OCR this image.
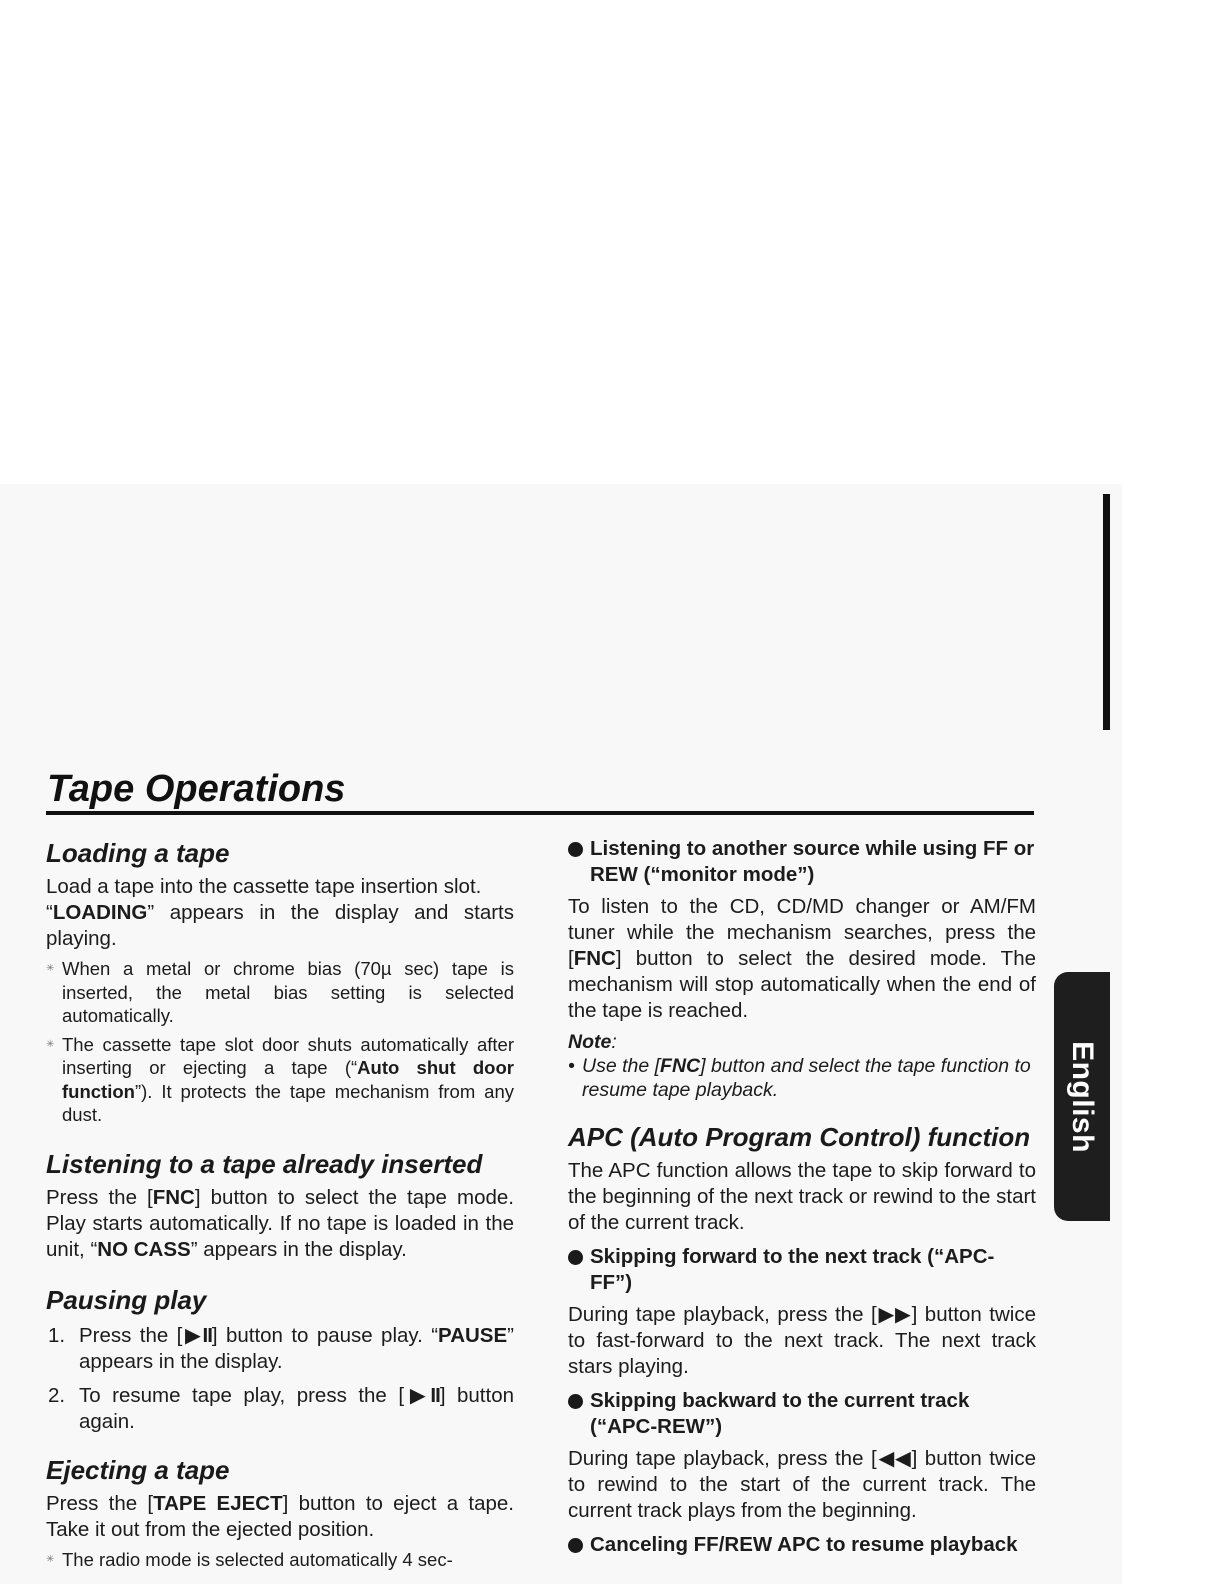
English
Tape Operations
Loading a tape

Load a tape into the cassette tape insertion slot.
“LOADING” appears in the display and starts playing.

✳ When a metal or chrome bias (70µ sec) tape is inserted, the metal bias setting is selected automatically.
✳ The cassette tape slot door shuts automatically after inserting or ejecting a tape (“Auto shut door function”). It protects the tape mechanism from any dust.
Listening to a tape already inserted

Press the [FNC] button to select the tape mode. Play starts automatically. If no tape is loaded in the unit, “NO CASS” appears in the display.

Pausing play
1. Press the [▶II] button to pause play. “PAUSE” appears in the display.
2. To resume tape play, press the [▶II] button again.
Ejecting a tape

Press the [TAPE EJECT] button to eject a tape. Take it out from the ejected position.

✳ The radio mode is selected automatically 4 sec-
Listening to another source while using FF or REW (“monitor mode”)

To listen to the CD, CD/MD changer or AM/FM tuner while the mechanism searches, press the [FNC] button to select the desired mode. The mechanism will stop automatically when the end of the tape is reached.

Note:
• Use the [FNC] button and select the tape function to resume tape playback.
APC (Auto Program Control) function

The APC function allows the tape to skip forward to the beginning of the next track or rewind to the start of the current track.

Skipping forward to the next track (“APC-FF”)

During tape playback, press the [▶▶] button twice to fast-forward to the next track. The next track stars playing.

Skipping backward to the current track (“APC-REW”)

During tape playback, press the [◀◀] button twice to rewind to the start of the current track. The current track plays from the beginning.

Canceling FF/REW APC to resume playback
